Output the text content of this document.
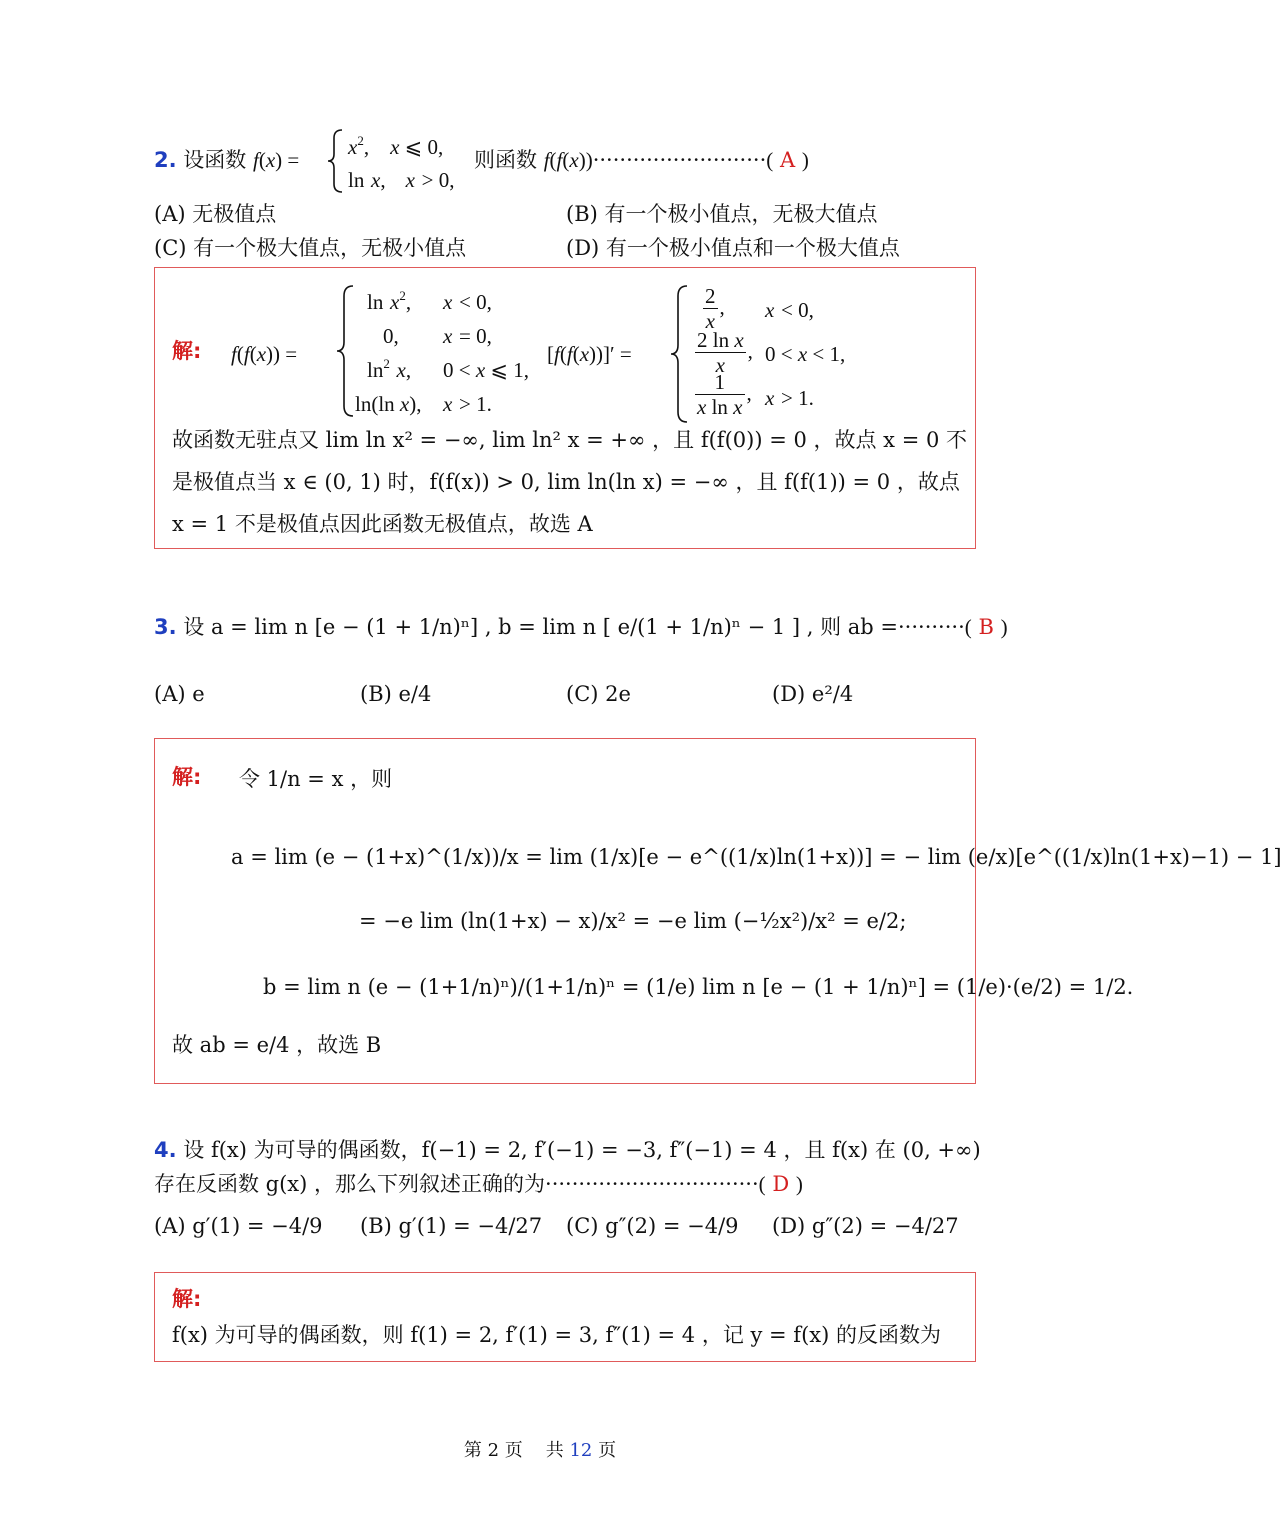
2. 设函数 f(x) =
$x^2$,    x ⩽ 0,
ln x, x > 0,
则函数 f(f(x))··························( A )
(A) 无极值点	(B) 有一个极小值点，无极大值点
(C) 有一个极大值点，无极小值点	(D) 有一个极小值点和一个极大值点
解: f(f(x)) =
$\ln x^2$, x < 0,
0, x = 0,
$\ln^2 x$, 0 < x ⩽ 1,
ln(ln x), x > 1.
[f(f(x))]′ =
$\frac{2}{x}$ , x < 0,
$\frac{\text{2 ln x}}{x}$ , 0 < x < 1,
$\frac{1}{\text{x ln x}}$ , x > 1.
故函数无驻点又 lim ln x² = −∞, lim ln² x = +∞ ，且 f(f(0)) = 0 ，故点 x = 0 不
是极值点当 x ∈ (0, 1) 时，f(f(x)) > 0, lim ln(ln x) = −∞ ，且 f(f(1)) = 0 ，故点
x = 1 不是极值点因此函数无极值点，故选 A
3. 设 a = lim n [e − (1 + 1/n)ⁿ] , b = lim n [ e/(1 + 1/n)ⁿ − 1 ] , 则 ab =··········( B )
(A) e	(B) e/4	(C) 2e	(D) e²/4
解: 令 1/n = x ，则
a = lim (e − (1+x)^(1/x))/x = lim (1/x)[e − e^((1/x)ln(1+x))] = − lim (e/x)[e^((1/x)ln(1+x)−1) − 1]
= −e lim (ln(1+x) − x)/x² = −e lim (−½x²)/x² = e/2;
b = lim n (e − (1+1/n)ⁿ)/(1+1/n)ⁿ = (1/e) lim n [e − (1 + 1/n)ⁿ] = (1/e)·(e/2) = 1/2.
故 ab = e/4 ，故选 B
4. 设 f(x) 为可导的偶函数，f(−1) = 2, f′(−1) = −3, f″(−1) = 4 ，且 f(x) 在 (0, +∞)
存在反函数 g(x) ，那么下列叙述正确的为································( D )
(A) g′(1) = −4/9 (B) g′(1) = −4/27 (C) g″(2) = −4/9 (D) g″(2) = −4/27
解:
f(x) 为可导的偶函数，则 f(1) = 2, f′(1) = 3, f″(1) = 4 ，记 y = f(x) 的反函数为
第 2 页 共 12 页
